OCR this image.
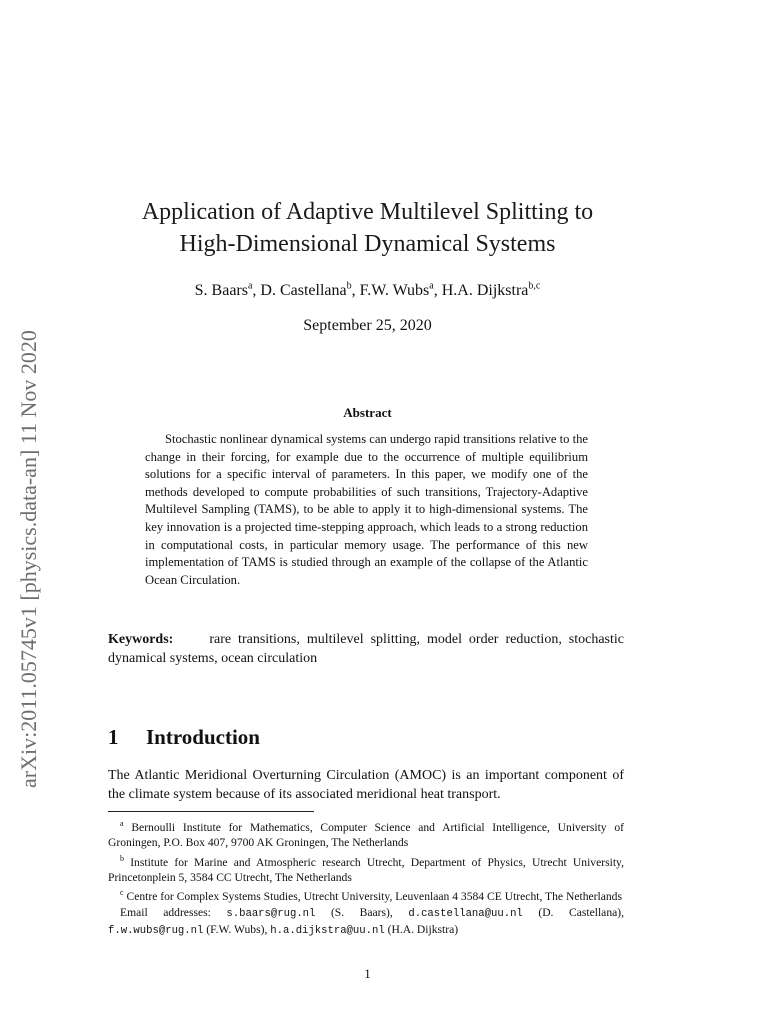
arXiv:2011.05745v1 [physics.data-an] 11 Nov 2020
Application of Adaptive Multilevel Splitting to
High-Dimensional Dynamical Systems
S. Baars$^a$, D. Castellana$^b$, F.W. Wubs$^a$, H.A. Dijkstra$^{b,c}$
September 25, 2020
Abstract
Stochastic nonlinear dynamical systems can undergo rapid transitions relative to the change in their forcing, for example due to the occurrence of multiple equilibrium solutions for a specific interval of parameters. In this paper, we modify one of the methods developed to compute probabilities of such transitions, Trajectory-Adaptive Multilevel Sampling (TAMS), to be able to apply it to high-dimensional systems. The key innovation is a projected time-stepping approach, which leads to a strong reduction in computational costs, in particular memory usage. The performance of this new implementation of TAMS is studied through an example of the collapse of the Atlantic Ocean Circulation.
Keywords:	rare transitions, multilevel splitting, model order reduction, stochastic dynamical systems, ocean circulation
1 Introduction
The Atlantic Meridional Overturning Circulation (AMOC) is an important component of the climate system because of its associated meridional heat transport.

$^a$ Bernoulli Institute for Mathematics, Computer Science and Artificial Intelligence, University of Groningen, P.O. Box 407, 9700 AK Groningen, The Netherlands

$^b$ Institute for Marine and Atmospheric research Utrecht, Department of Physics, Utrecht University, Princetonplein 5, 3584 CC Utrecht, The Netherlands

$^c$ Centre for Complex Systems Studies, Utrecht University, Leuvenlaan 4 3584 CE Utrecht, The Netherlands

Email addresses: s.baars@rug.nl (S. Baars), d.castellana@uu.nl (D. Castellana), f.w.wubs@rug.nl (F.W. Wubs), h.a.dijkstra@uu.nl (H.A. Dijkstra)

1
